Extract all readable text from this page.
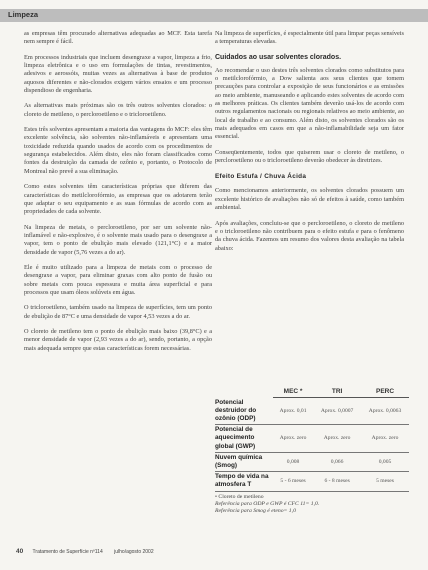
Limpeza

as empresas têm procurado alternativas adequadas ao MCF. Esta tarefa nem sempre é fácil.

Em processos industriais que incluem desengraxe a vapor, limpeza a frio, limpeza eletrônica e o uso em formulações de tintas, revestimentos, adesivos e aerossóis, muitas vezes as alternativas à base de produtos aquosos diferentes e não-clorados exigem vários ensaios e um processo dispendioso de engenharia.

As alternativas mais próximas são os três outros solventes clorados: o cloreto de metileno, o percloroetileno e o tricloroetileno.

Estes três solventes apresentam a maioria das vantagens do MCF: eles têm excelente solvência, são solventes não-inflamáveis e apresentam uma toxicidade reduzida quando usados de acordo com os procedimentos de segurança estabelecidos. Além disto, eles não foram classificados como fontes da destruição da camada de ozônio e, portanto, o Protocolo de Montreal não prevê a sua eliminação.

Como estes solventes têm características próprias que diferem das características do metilclorofórmio, as empresas que os adotarem terão que adaptar o seu equipamento e as suas fórmulas de acordo com as propriedades de cada solvente.

Na limpeza de metais, o percloroetileno, por ser um solvente não-inflamável e não-explosivo, é o solvente mais usado para o desengraxe a vapor, tem o ponto de ebulição mais elevado (121,1°C) e a maior densidade de vapor (5,76 vezes a do ar).

Ele é muito utilizado para a limpeza de metais com o processo de desengraxe a vapor, para eliminar graxas com alto ponto de fusão ou sobre metais com pouca espessura e muita área superficial e para processos que usam óleos solúveis em água.

O tricloroetileno, também usado na limpeza de superfícies, tem um ponto de ebulição de 87°C e uma densidade de vapor 4,53 vezes a do ar.

O cloreto de metileno tem o ponto de ebulição mais baixo (39,8°C) e a menor densidade de vapor (2,93 vezes a do ar), sendo, portanto, a opção mais adequada sempre que estas características forem necessárias.

Na limpeza de superfícies, é especialmente útil para limpar peças sensíveis a temperaturas elevadas.

Cuidados ao usar solventes clorados.

Ao recomendar o uso destes três solventes clorados como substitutos para o metilclorofórmio, a Dow salienta aos seus clientes que tomem precauções para controlar a exposição de seus funcionários e as emissões ao meio ambiente, manuseando e aplicando estes solventes de acordo com as melhores práticas. Os clientes também deverão usá-los de acordo com outros regulamentos nacionais ou regionais relativos ao meio ambiente, ao local de trabalho e ao consumo. Além disto, os solventes clorados são os mais adequados em casos em que a não-inflamabilidade seja um fator essencial.

Conseqüentemente, todos que quiserem usar o cloreto de metileno, o percloroetileno ou o tricloroetileno deverão obedecer às diretrizes.

Efeito Estufa / Chuva Ácida

Como mencionamos anteriormente, os solventes clorados possuem um excelente histórico de avaliações não só de efeitos à saúde, como também ambiental.

Após avaliações, concluiu-se que o percloroetileno, o cloreto de metileno e o tricloroetileno não contribuem para o efeito estufa e para o fenômeno da chuva ácida. Fazemos um resumo dos valores desta avaliação na tabela abaixo:

	MEC *	TRI	PERC
Potencial destruidor do ozônio (ODP)	Aprox. 0,01	Aprox. 0,0007	Aprox. 0,0063
Potencial de aquecimento global (GWP)	Aprox. zero	Aprox. zero	Aprox. zero
Nuvem química (Smog)	0,008	0,066	0,005
Tempo de vida na atmosfera T	5 - 6 meses	6 - 8 meses	5 meses
• Cloreto de metileno
Referência para ODP e GWP é CFC 11= 1,0.
Referência para Smog é eteno= 1,0
40 Tratamento de Superfície nº114 julho/agosto 2002
